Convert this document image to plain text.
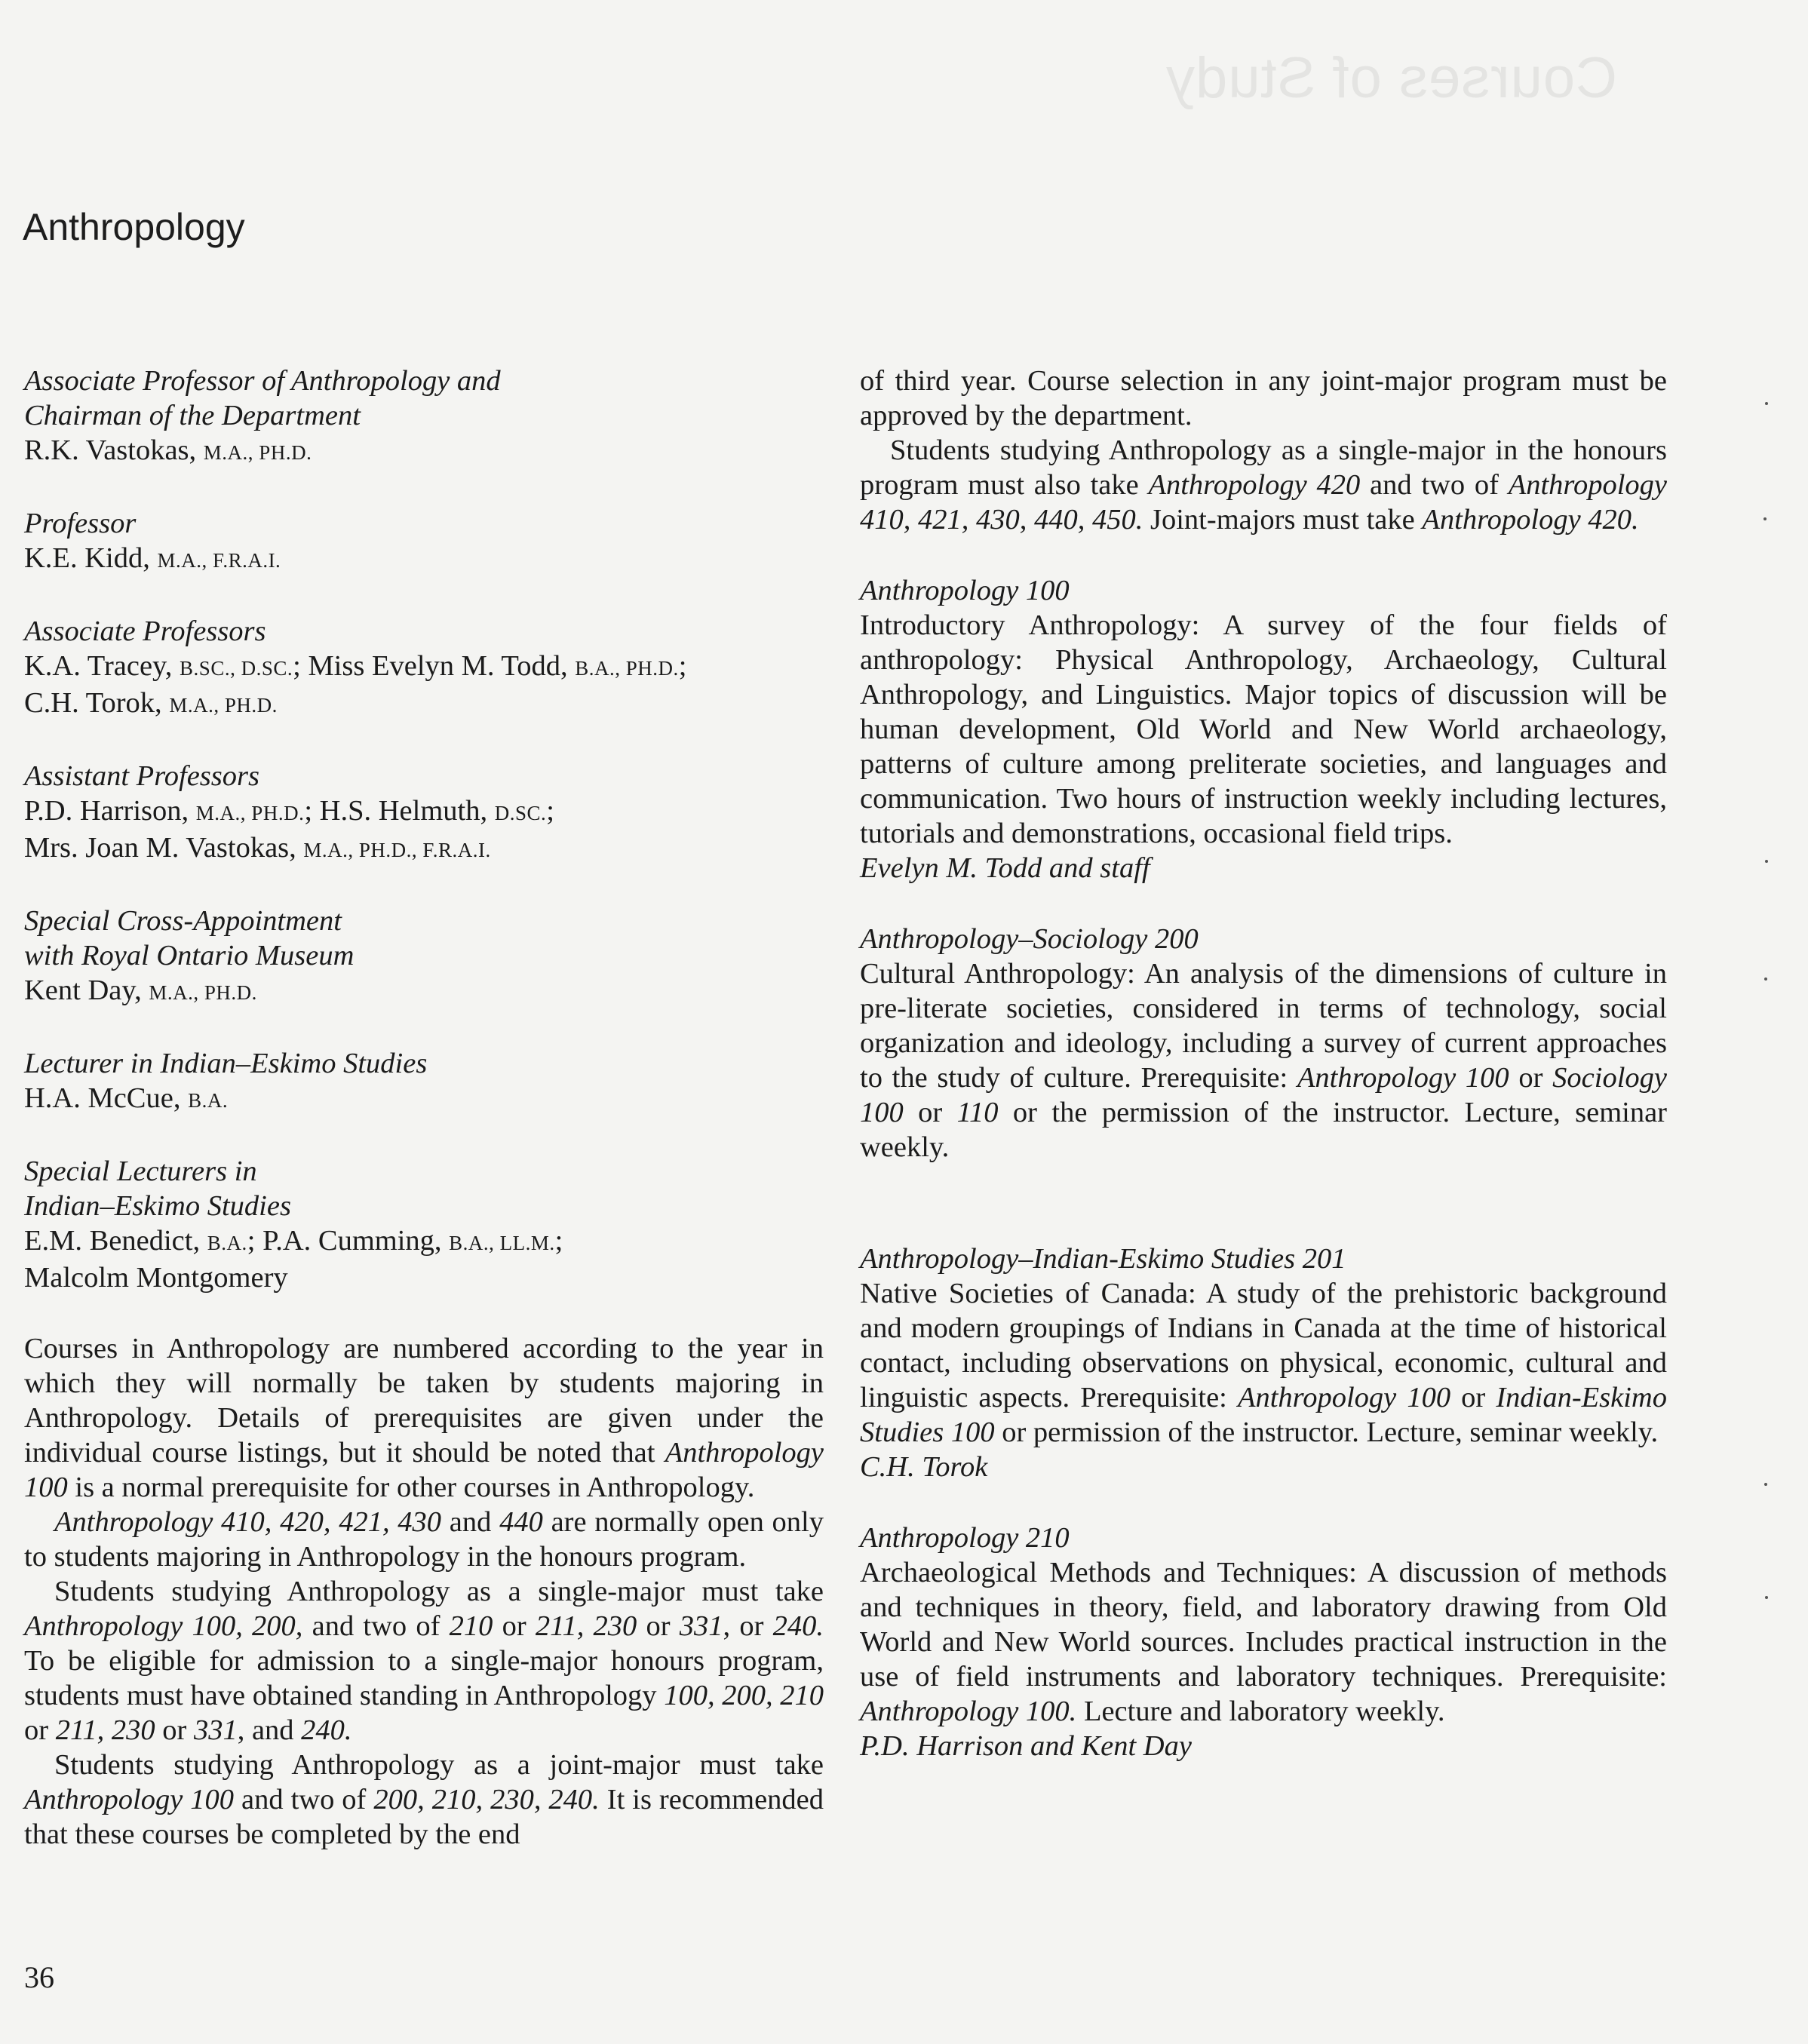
Courses of Study
Anthropology
Associate Professor of Anthropology and
Chairman of the Department
R.K. Vastokas, M.A., PH.D.
Professor
K.E. Kidd, M.A., F.R.A.I.
Associate Professors
K.A. Tracey, B.SC., D.SC.; Miss Evelyn M. Todd, B.A., PH.D.;
C.H. Torok, M.A., PH.D.
Assistant Professors
P.D. Harrison, M.A., PH.D.; H.S. Helmuth, D.SC.;
Mrs. Joan M. Vastokas, M.A., PH.D., F.R.A.I.
Special Cross-Appointment
with Royal Ontario Museum
Kent Day, M.A., PH.D.
Lecturer in Indian–Eskimo Studies
H.A. McCue, B.A.
Special Lecturers in
Indian–Eskimo Studies
E.M. Benedict, B.A.; P.A. Cumming, B.A., LL.M.;
Malcolm Montgomery

Courses in Anthropology are numbered according to the year in which they will normally be taken by students majoring in Anthropology. Details of prerequisites are given under the individual course listings, but it should be noted that Anthropology 100 is a normal prerequisite for other courses in Anthropology.

Anthropology 410, 420, 421, 430 and 440 are normally open only to students majoring in Anthropology in the honours program.

Students studying Anthropology as a single-major must take Anthropology 100, 200, and two of 210 or 211, 230 or 331, or 240. To be eligible for admission to a single-major honours program, students must have obtained standing in Anthropology 100, 200, 210 or 211, 230 or 331, and 240.

Students studying Anthropology as a joint-major must take Anthropology 100 and two of 200, 210, 230, 240. It is recommended that these courses be completed by the end

of third year. Course selection in any joint-major program must be approved by the department.

Students studying Anthropology as a single-major in the honours program must also take Anthropology 420 and two of Anthropology 410, 421, 430, 440, 450. Joint-majors must take Anthropology 420.

Anthropology 100

Introductory Anthropology: A survey of the four fields of anthropology: Physical Anthropology, Archaeology, Cultural Anthropology, and Linguistics. Major topics of discussion will be human development, Old World and New World archaeology, patterns of culture among preliterate societies, and languages and communication. Two hours of instruction weekly including lectures, tutorials and demonstrations, occasional field trips.

Evelyn M. Todd and staff
Anthropology–Sociology 200

Cultural Anthropology: An analysis of the dimensions of culture in pre-literate societies, considered in terms of technology, social organization and ideology, including a survey of current approaches to the study of culture. Prerequisite: Anthropology 100 or Sociology 100 or 110 or the permission of the instructor. Lecture, seminar weekly.

Anthropology–Indian-Eskimo Studies 201

Native Societies of Canada: A study of the prehistoric background and modern groupings of Indians in Canada at the time of historical contact, including observations on physical, economic, cultural and linguistic aspects. Prerequisite: Anthropology 100 or Indian-Eskimo Studies 100 or permission of the instructor. Lecture, seminar weekly.

C.H. Torok
Anthropology 210

Archaeological Methods and Techniques: A discussion of methods and techniques in theory, field, and laboratory drawing from Old World and New World sources. Includes practical instruction in the use of field instruments and laboratory techniques. Prerequisite: Anthropology 100. Lecture and laboratory weekly.

P.D. Harrison and Kent Day
36
